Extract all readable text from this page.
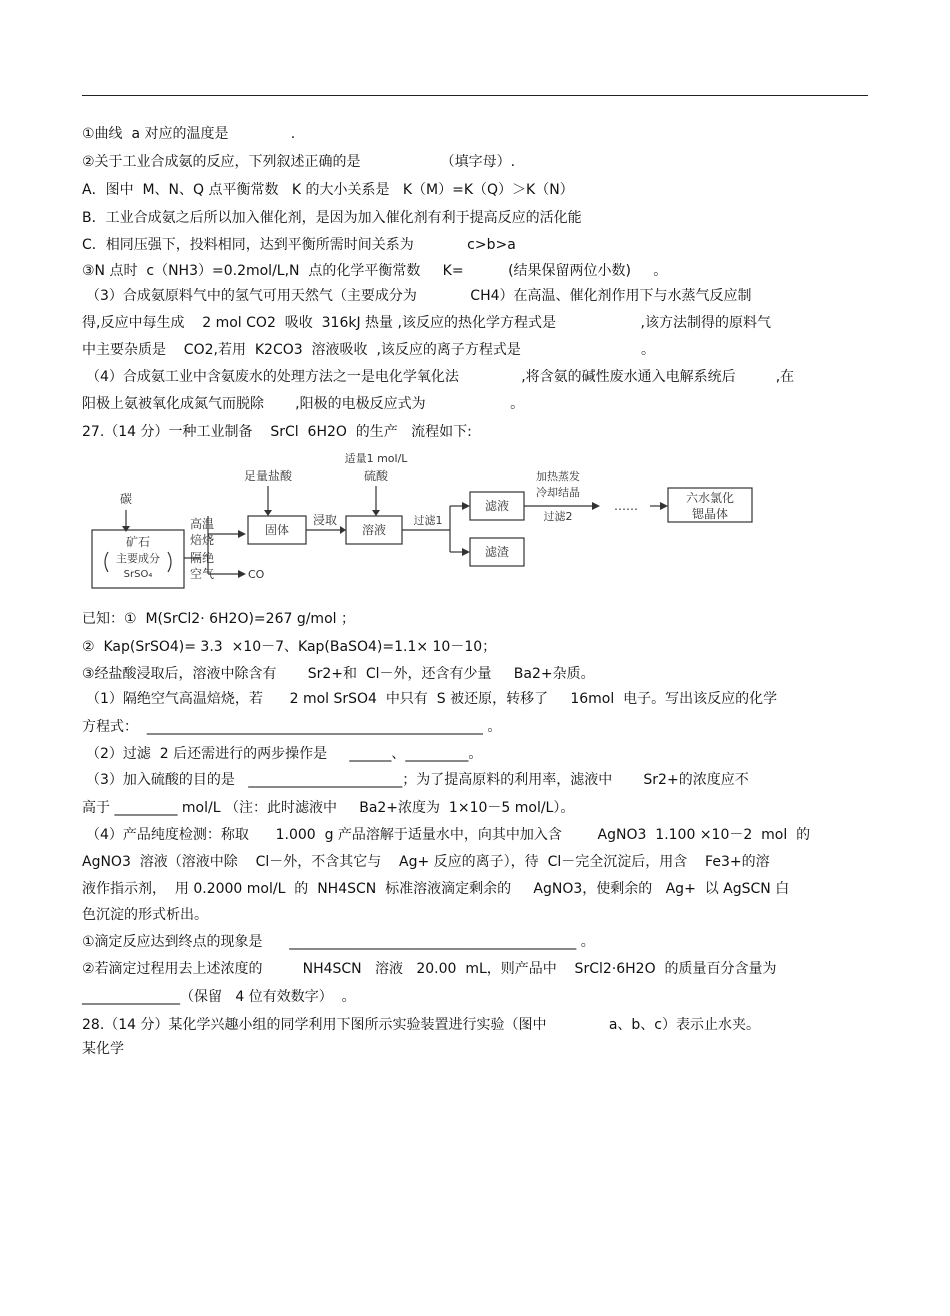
①曲线  a 对应的温度是              .
②关于工业合成氨的反应，下列叙述正确的是                  （填字母）.
A．图中  M、N、Q 点平衡常数   K 的大小关系是   K（M）=K（Q）＞K（N）
B．工业合成氨之后所以加入催化剂，是因为加入催化剂有利于提高反应的活化能
C．相同压强下，投料相同，达到平衡所需时间关系为            c>b>a
③N 点时  c（NH3）=0.2mol/L,N  点的化学平衡常数     K=          (结果保留两位小数)     。
（3）合成氨原料气中的氢气可用天然气（主要成分为            CH4）在高温、催化剂作用下与水蒸气反应制
得,反应中每生成    2 mol CO2  吸收  316kJ 热量 ,该反应的热化学方程式是                   ,该方法制得的原料气
中主要杂质是    CO2,若用  K2CO3  溶液吸收  ,该反应的离子方程式是                           。
（4）合成氨工业中含氨废水的处理方法之一是电化学氧化法              ,将含氨的碱性废水通入电解系统后         ,在
阳极上氨被氧化成氮气而脱除       ,阳极的电极反应式为                   。
27.（14 分）一种工业制备    SrCl  6H2O  的生产   流程如下:
碳
矿石
主要成分
SrSO₄
高温
焙烧
隔绝
空气	CO
足量盐酸
固体
浸取
适量1 mol/L
硫酸
溶液
过滤1
滤液
滤渣
加热蒸发
冷却结晶
过滤2
……
六水氯化
锶晶体
已知：①  M(SrCl2· 6H2O)=267 g/mol ；
②  Kap(SrSO4)= 3.3  ×10－7、Kap(BaSO4)=1.1× 10－10；
③经盐酸浸取后，溶液中除含有       Sr2+和  Cl－外，还含有少量     Ba2+杂质。
（1）隔绝空气高温焙烧，若      2 mol SrSO4  中只有  S 被还原，转移了     16mol  电子。写出该反应的化学
方程式：  ________________________________________________ 。
（2）过滤  2 后还需进行的两步操作是     ______、_________。
（3）加入硫酸的目的是   ______________________；为了提高原料的利用率，滤液中       Sr2+的浓度应不
高于 _________ mol/L （注：此时滤液中     Ba2+浓度为  1×10－5 mol/L）。
（4）产品纯度检测：称取      1.000  g 产品溶解于适量水中，向其中加入含        AgNO3  1.100 ×10－2  mol  的
AgNO3  溶液（溶液中除    Cl－外，不含其它与    Ag+ 反应的离子），待  Cl－完全沉淀后，用含    Fe3+的溶
液作指示剂，  用 0.2000 mol/L  的  NH4SCN  标准溶液滴定剩余的     AgNO3，使剩余的   Ag+  以 AgSCN 白
色沉淀的形式析出。
①滴定反应达到终点的现象是      _________________________________________ 。
②若滴定过程用去上述浓度的         NH4SCN   溶液   20.00  mL，则产品中    SrCl2·6H2O  的质量百分含量为
______________（保留   4 位有效数字）  。
28.（14 分）某化学兴趣小组的同学利用下图所示实验装置进行实验（图中              a、b、c）表示止水夹。
某化学
